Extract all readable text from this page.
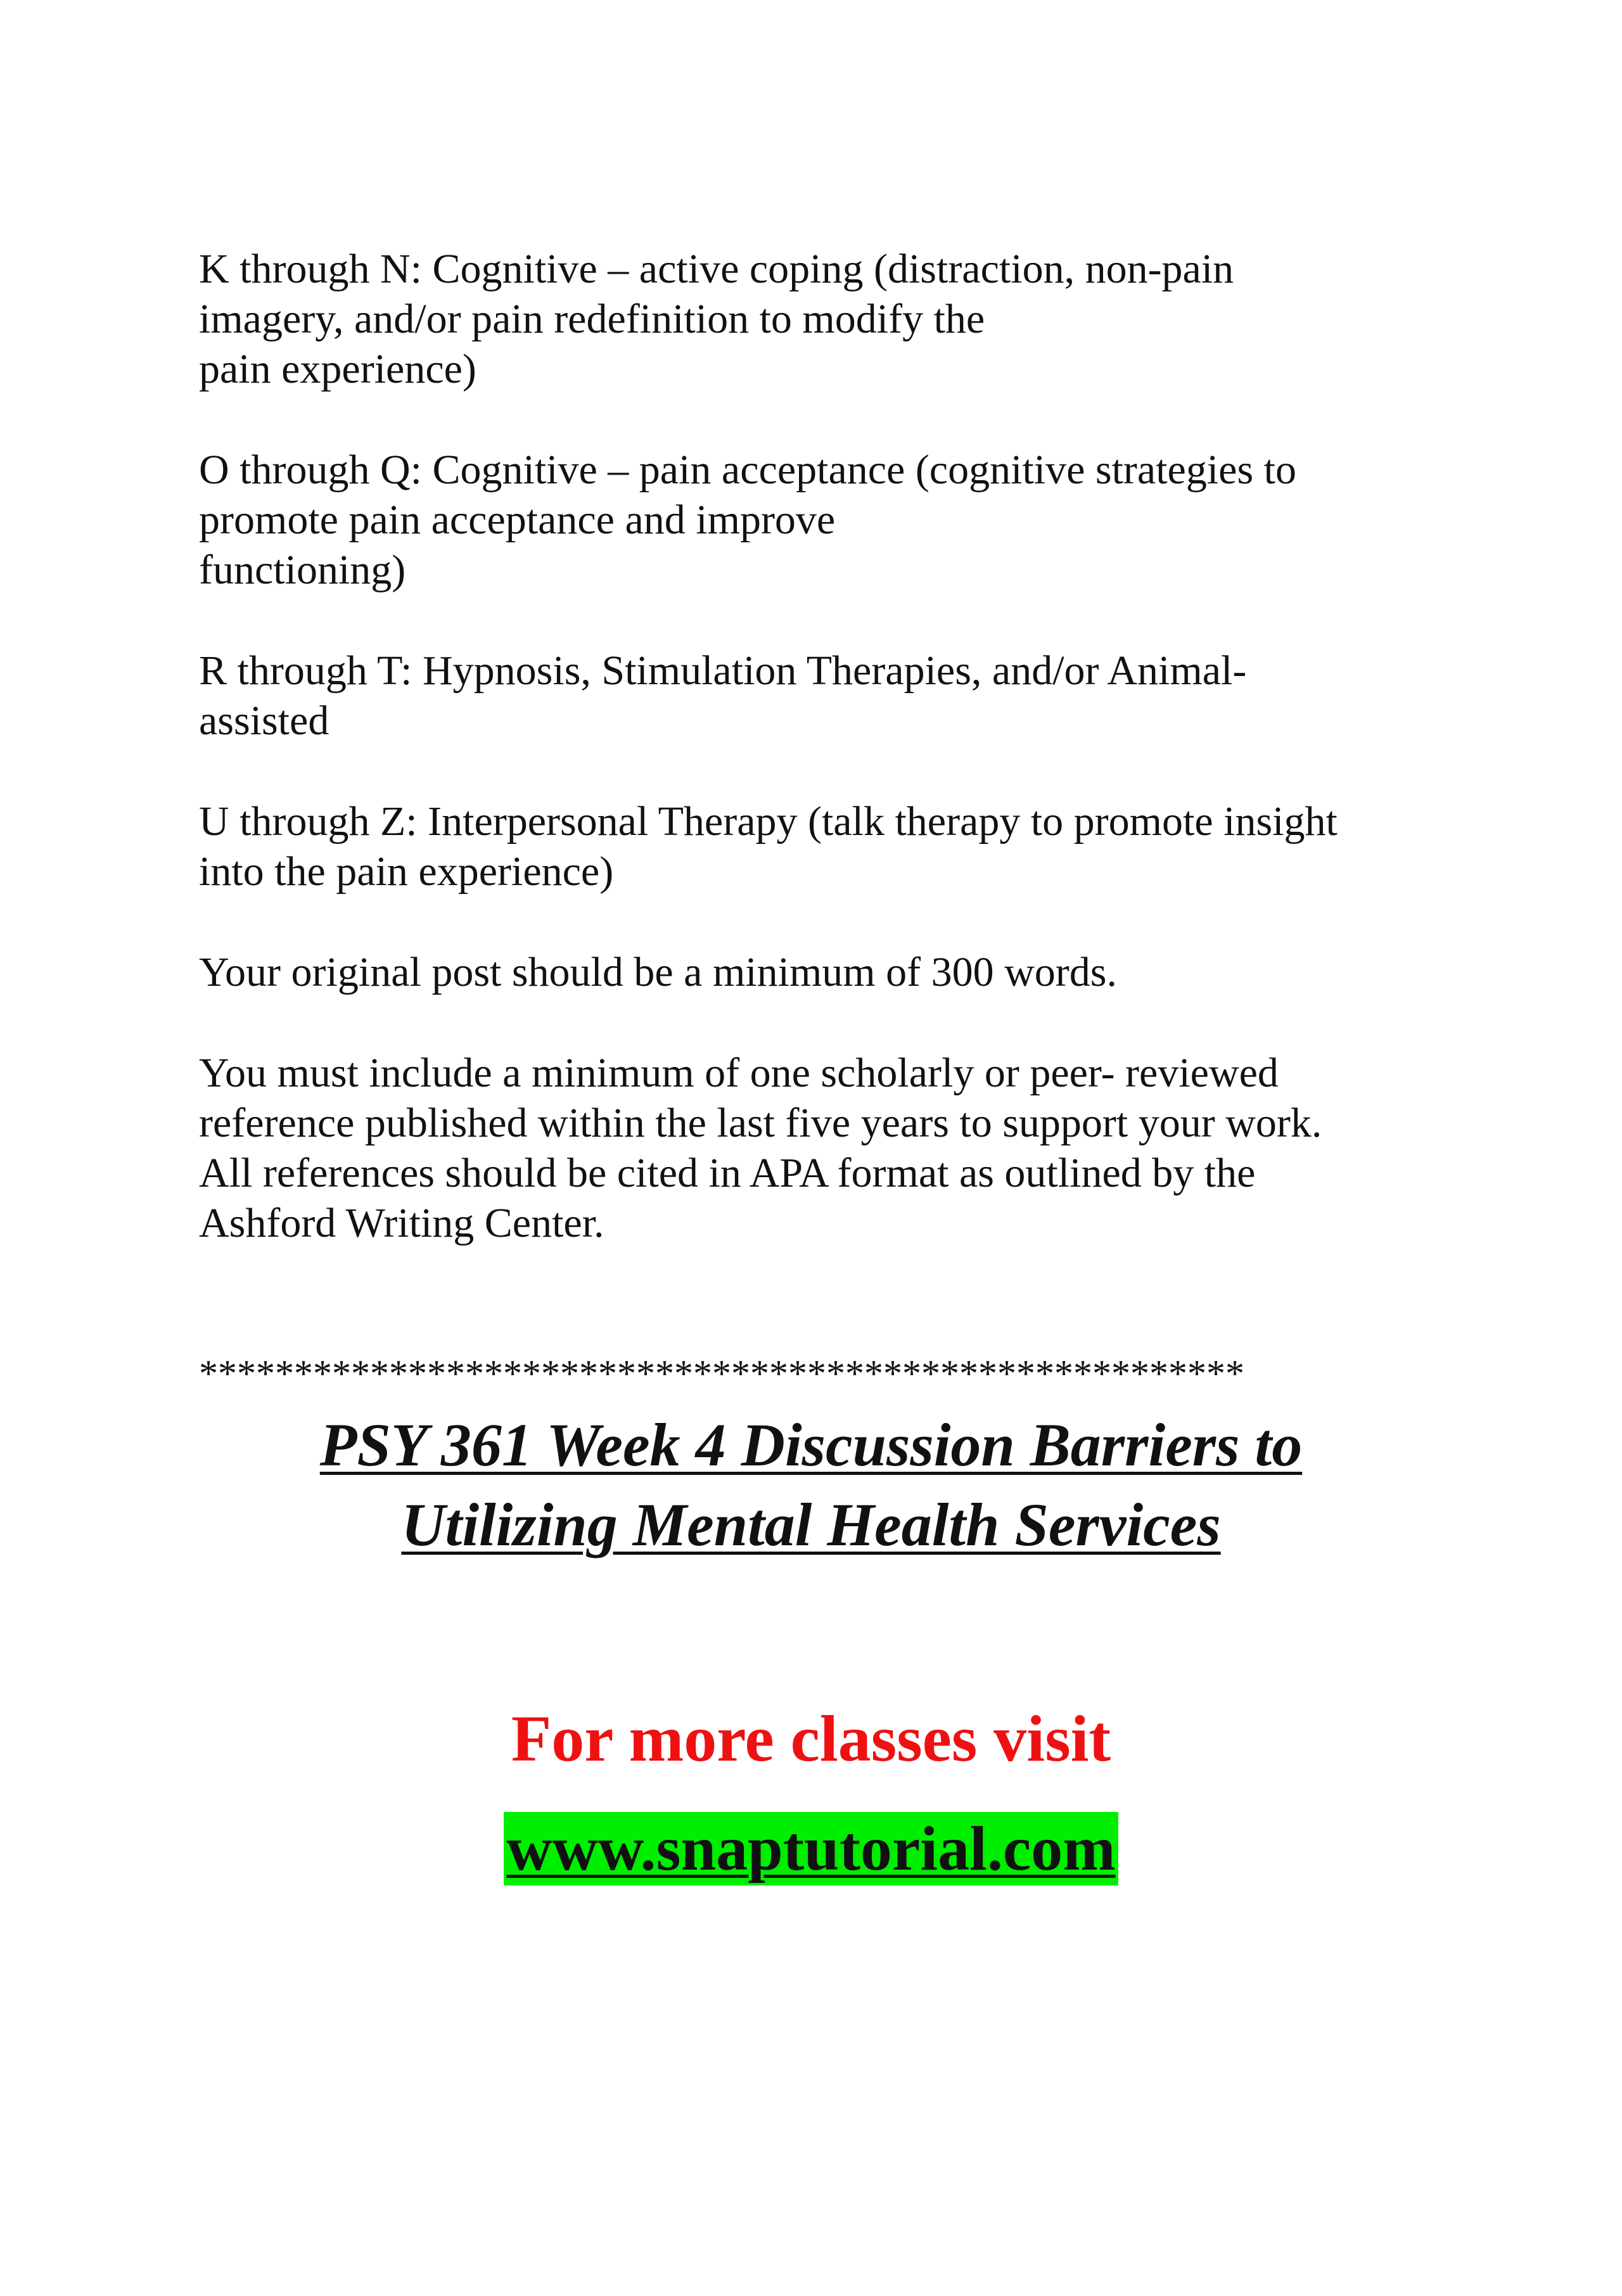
K through N: Cognitive – active coping (distraction, non-pain
imagery, and/or pain redefinition to modify the
pain experience)

O through Q: Cognitive – pain acceptance (cognitive strategies to
promote pain acceptance and improve
functioning)

R through T: Hypnosis, Stimulation Therapies, and/or Animal-
assisted

U through Z: Interpersonal Therapy (talk therapy to promote insight
into the pain experience)

Your original post should be a minimum of 300 words.

You must include a minimum of one scholarly or peer- reviewed
reference published within the last five years to support your work.
All references should be cited in APA format as outlined by the
Ashford Writing Center.

*******************************************************
PSY 361 Week 4 Discussion Barriers to
Utilizing Mental Health Services
For more classes visit
www.snaptutorial.com
